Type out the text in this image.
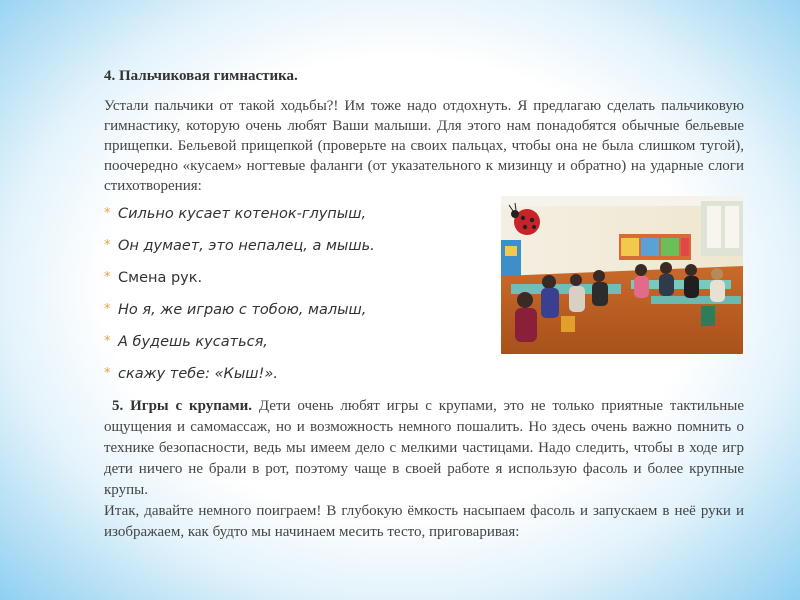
4. Пальчиковая гимнастика.
Устали пальчики от такой ходьбы?! Им тоже надо отдохнуть. Я предлагаю сделать пальчиковую гимнастику, которую очень любят Ваши малыши. Для этого нам понадобятся обычные бельевые прищепки. Бельевой прищепкой (проверьте на своих пальцах, чтобы она не была слишком тугой), поочередно «кусаем» ногтевые фаланги (от указательного к мизинцу и обратно) на ударные слоги стихотворения:
* Сильно кусает котенок-глупыш,
* Он думает, это непалец, а мышь.
* Смена рук.
* Но я, же играю с тобою, малыш,
* А будешь кусаться,
* скажу тебе: «Кыш!».

5. Игры с крупами. Дети очень любят игры с крупами, это не только приятные тактильные ощущения и самомассаж, но и возможность немного пошалить. Но здесь очень важно помнить о технике безопасности, ведь мы имеем дело с мелкими частицами. Надо следить, чтобы в ходе игр дети ничего не брали в рот, поэтому чаще в своей работе я использую фасоль и более крупные крупы.

Итак, давайте немного поиграем! В глубокую ёмкость насыпаем фасоль и запускаем в неё руки и изображаем, как будто мы начинаем месить тесто, приговаривая:
